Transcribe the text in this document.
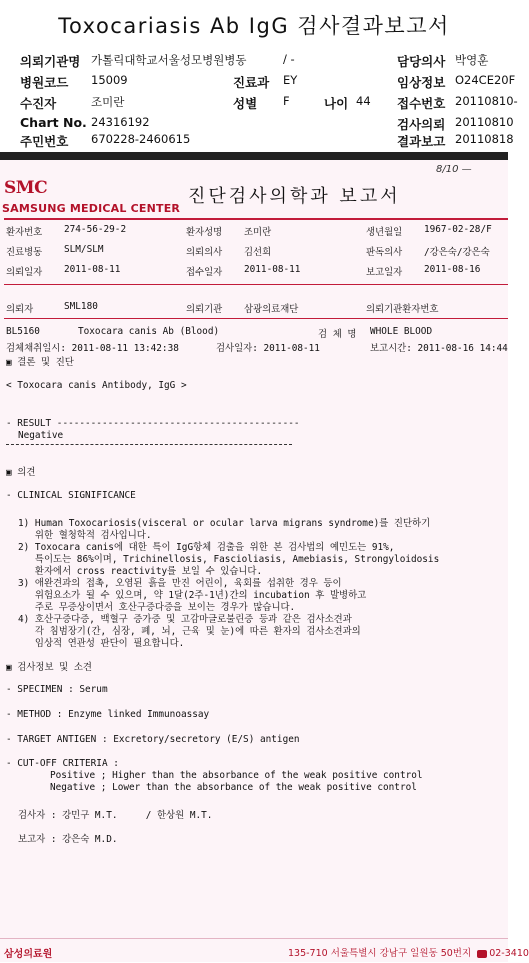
Toxocariasis Ab IgG 검사결과보고서
의뢰기관명 가톨릭대학교서울성모병원병동	/ -	담당의사 박영훈
병원코드 15009	진료과 EY	임상정보 O24CE20F
수진자	조미란	성별 F	나이 44 접수번호 20110810-
Chart No. 24316192	검사의뢰 20110810
주민번호 670228-2460615	결과보고 20110818
SMC
SAMSUNG MEDICAL CENTER
진단검사의학과 보고서
8/10 —
환자번호 274-56-29-2	환자성명 조미란	생년월일 1967-02-28/F
진료병동 SLM/SLM	의뢰의사 김선희	판독의사 /강은숙/강은숙
의뢰일자 2011-08-11	접수일자 2011-08-11	보고일자 2011-08-16
의뢰자	SML180	의뢰기관 삼광의료재단	의뢰기관환자번호
BL5160	Toxocara canis Ab (Blood)	검 체 명 WHOLE BLOOD
검체채취일시: 2011-08-11 13:42:38	검사일자: 2011-08-11	보고시간: 2011-08-16 14:44
▣ 결론 및 진단
< Toxocara canis Antibody, IgG >
- RESULT -------------------------------------------
Negative
▣ 의견
- CLINICAL SIGNIFICANCE
1) Human Toxocariosis(visceral or ocular larva migrans syndrome)를 진단하기
위한 혈청학적 검사입니다.
2) Toxocara canis에 대한 특이 IgG항체 검출을 위한 본 검사법의 예민도는 91%,
특이도는 86%이며, Trichinellosis, Fascioliasis, Amebiasis, Strongyloidosis
환자에서 cross reactivity를 보일 수 있습니다.
3) 애완견과의 접촉, 오염된 흙을 만진 어린이, 육회를 섭취한 경우 등이
위험요소가 될 수 있으며, 약 1달(2주-1년)간의 incubation 후 발병하고
주로 무증상이면서 호산구증다증을 보이는 경우가 많습니다.
4) 호산구증다증, 백혈구 증가증 및 고감마글로불린증 등과 같은 검사소견과
각 침범장기(간, 심장, 폐, 뇌, 근육 및 눈)에 따른 환자의 검사소견과의
임상적 연관성 판단이 필요합니다.
▣ 검사정보 및 소견
- SPECIMEN : Serum
- METHOD : Enzyme linked Immunoassay
- TARGET ANTIGEN : Excretory/secretory (E/S) antigen
- CUT-OFF CRITERIA :
Positive ; Higher than the absorbance of the weak positive control
Negative ; Lower than the absorbance of the weak positive control
검사자 : 강민구 M.T.     / 한상원 M.T.
보고자 : 강은숙 M.D.
삼성의료원	135-710 서울특별시 강남구 일원동 50번지 02-3410
